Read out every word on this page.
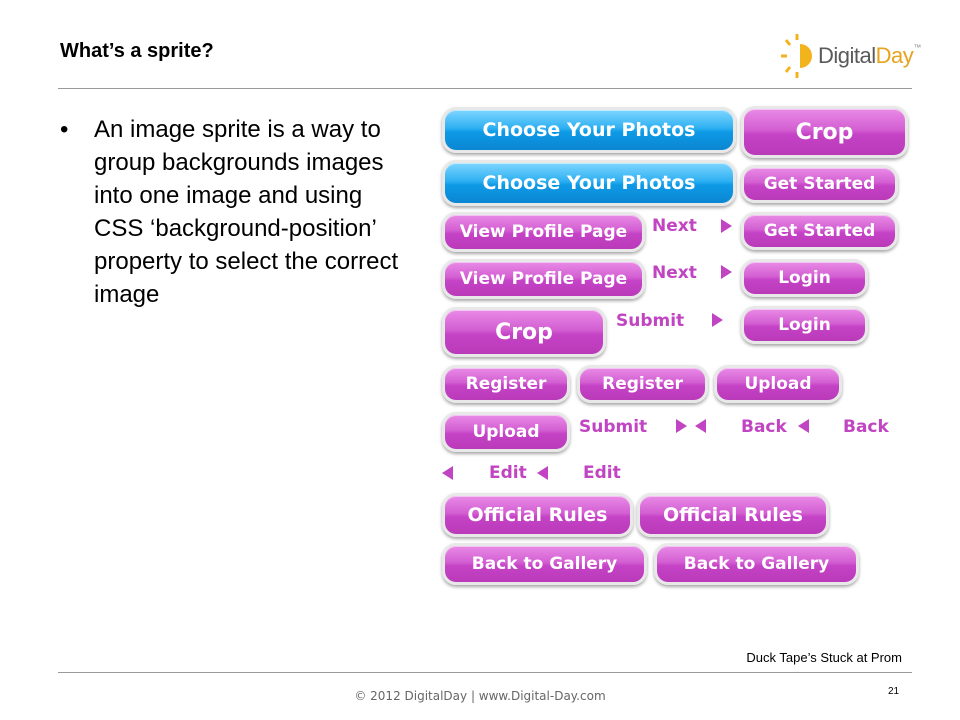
What’s a sprite?	DigitalDay™
• An image sprite is a way to group backgrounds images into one image and using CSS ‘background-position’ property to select the correct image
Choose Your Photos	Crop
Choose Your Photos	Get Started
View Profile Page	Next	Get Started
View Profile Page	Next	Login
Crop	Submit	Login
Register	Register	Upload
Upload	Submit	Back	Back
Edit	Edit
Official Rules	Official Rules
Back to Gallery	Back to Gallery
Duck Tape’s Stuck at Prom
© 2012 DigitalDay | www.Digital-Day.com	21
